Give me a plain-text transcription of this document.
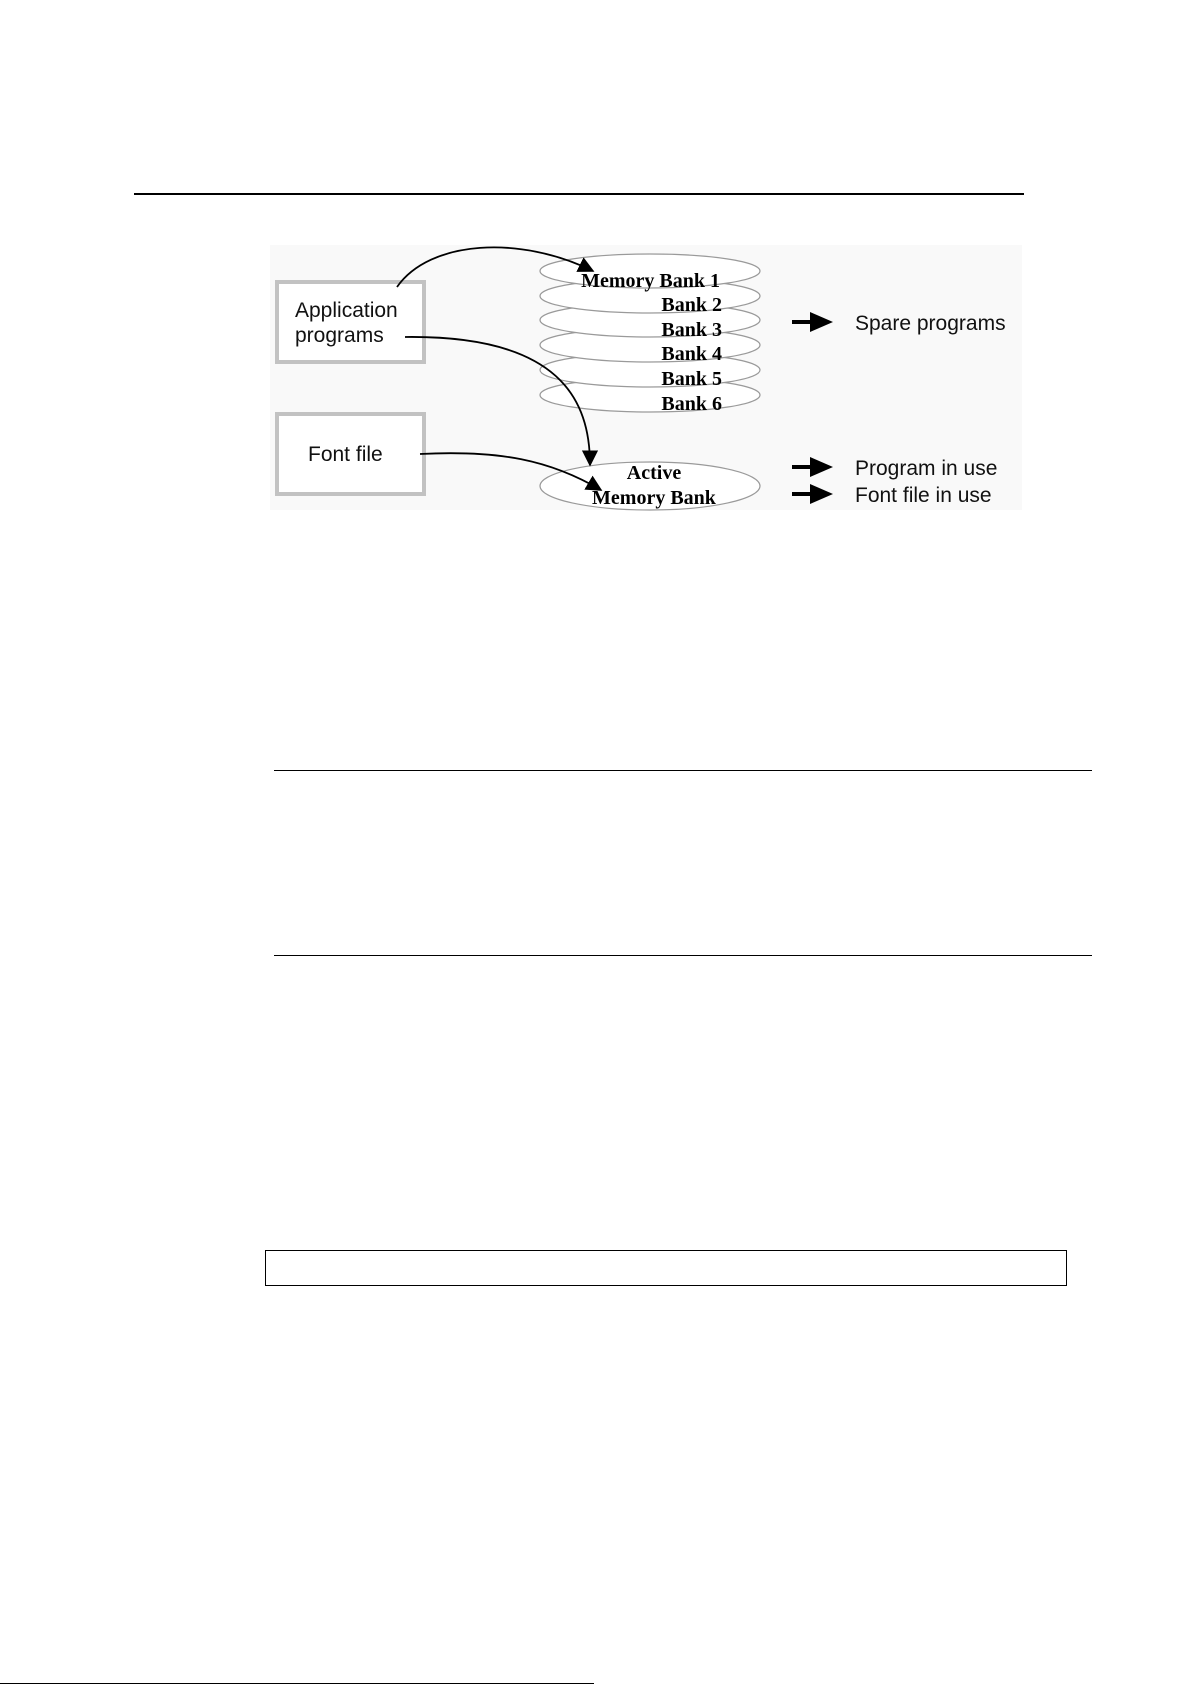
Application
programs
Font file
Memory Bank 1
Bank 2
Bank 3
Bank 4
Bank 5
Bank 6
Active
Memory Bank
Spare programs
Program in use
Font file in use
